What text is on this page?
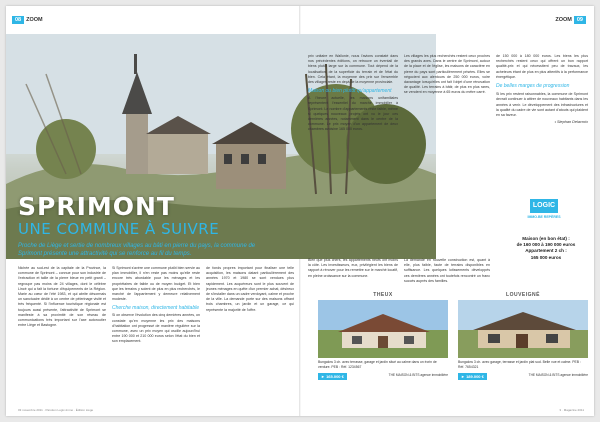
08 ZOOM	ZOOM 09
SPRIMONT
UNE COMMUNE À SUIVRE
Proche de Liège et sertie de nombreux villages au bâti en pierre du pays, la commune de Sprimont présente une attractivité qui se renforce au fil du temps.

Nichée au sud-est de la capitale de la Province, la commune de Sprimont – connue pour son industrie de l'extraction et taille de la pierre bleue en petit granit – regroupe pas moins de 24 villages, dont le célèbre Lincé qui a fait la fortune d'équipements de la Région. Marie au cœur de l'été 1983, et qui abrite désormais un sanctuaire dédié à un centre de pèlerinage visité et très fréquenté. Si l'influence touristique régionale est toujours aussi présente, l'attractivité de Sprimont se manifeste à sa proximité de son réseau de communications très important sur l'axe autoroutier entre Liège et Bastogne.

Si Sprimont s'avère une commune plutôt bien servie au plan immobilier, il n'en reste pas moins qu'elle reste encore très abordable pour les ménages et les propriétaires de faible ou de moyen budget. Et bien que les terrains y soient de plus en plus recherchés, le marché de l'appartement y demeure relativement modeste.

Cherche maison, directement habitable

Si on observe l'évolution des cinq dernières années, on constate qu'en moyenne les prix des maisons d'habitation ont progressé de manière régulière sur la commune, avec un prix moyen qui oscille aujourd'hui entre 190 000 et 210 000 euros selon l'état du bien et son emplacement.

de fonds propres important pour finaliser une telle acquisition, les maisons datant particulièrement des années 1970 et 1980 se sont vendues plus rapidement. Les acquéreurs sont le plus souvent de jeunes ménages en quête d'un premier achat, désireux de s'installer dans un cadre verdoyant, calme et proche de la ville. La demande porte sur des maisons offrant trois chambres, un jardin et un garage, ce qui représente la majorité de l'offre.

prix unitaire en Wallonie, nous l'avions constaté dans nos précédentes éditions, on retrouve un éventail de biens plutôt large sur la commune. Tout dépend de la localisation, de la superficie du terrain et de l'état du bien. Cela étant, la moyenne des prix sur l'ensemble des villages reste en deçà de la moyenne provinciale.

Maison ou bien plutôt qu'appartement

À l'heure actuelle, les maisons unifamiliales représentent l'essentiel du marché immobilier à Sprimont. Le nombre d'appartements reste faible, même si quelques nouveaux projets ont vu le jour ces dernières années, notamment dans le centre de la commune. Le prix moyen d'un appartement de deux chambres avoisine 165 000 euros.

Les villages les plus recherchés restent ceux proches des grands axes. Dans le centre de Sprimont, autour de la place et de l'église, les maisons de caractère en pierre du pays sont particulièrement prisées. Elles se négocient aux alentours de 250 000 euros, voire davantage lorsqu'elles ont fait l'objet d'une rénovation de qualité. Les terrains à bâtir, de plus en plus rares, se vendent en moyenne à 65 euros du mètre carré.

Bien que plus chers, les appartements neufs ont moins la côte. Les investisseurs, eux, privilégient les biens de rapport à rénover pour les remettre sur le marché locatif, en pleine croissance sur la commune.

La demande en nouvelle construction est, quant à elle, plus faible, faute de terrains disponibles en suffisance. Les quelques lotissements développés ces dernières années ont toutefois rencontré un franc succès auprès des familles.

de 150 000 à 180 000 euros. Les biens les plus recherchés restent ceux qui offrent un bon rapport qualité-prix et qui nécessitent peu de travaux, les acheteurs étant de plus en plus attentifs à la performance énergétique.

De belles marges de progression

Si les prix restent raisonnables, la commune de Sprimont devrait continuer à attirer de nouveaux habitants dans les années à venir. Le développement des infrastructures et la qualité du cadre de vie sont autant d'atouts qui plaident en sa faveur.

• Stephan Delacroix
LOGIC
IMMO.BE REPÈRES
Maison (en bon état) :
de 160 000 à 190 000 euros
Appartement 2 ch :
165 000 euros
THEUX
Bungalow 3 ch. avec terrasse, garage et jardin situé au calme dans un écrin de verdure. PEB : Réf. 1234567
► 165.000 €	THE MAISON & BITS agence immobilière
LOUVEIGNÉ
Bungalow 3 ch. avec garage, terrasse et jardin plat sud. Belle vue et calme. PEB : Réf. 7654321
► 189.000 €	THE MAISON & BITS agence immobilière
03 novembre 2011 · Parution Logic-Immo · Édition Liège	3 · Magazine 2011
